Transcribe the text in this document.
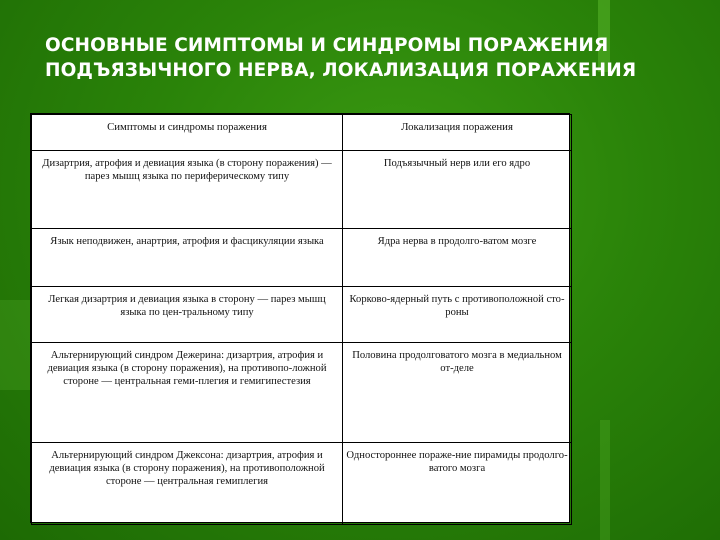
ОСНОВНЫЕ СИМПТОМЫ И СИНДРОМЫ ПОРАЖЕНИЯ
ПОДЪЯЗЫЧНОГО НЕРВА, ЛОКАЛИЗАЦИЯ ПОРАЖЕНИЯ
Симптомы и синдромы поражения	Локализация поражения
Дизартрия, атрофия и девиация языка (в сторону поражения) — парез мышц языка по периферическому типу	Подъязычный нерв или его ядро
Язык неподвижен, анартрия, атрофия и фасцикуляции языка	Ядра нерва в продолго-ватом мозге
Легкая дизартрия и девиация языка в сторону — парез мышц языка по цен-тральному типу	Корково-ядерный путь с противоположной сто-роны
Альтернирующий синдром Дежерина: дизартрия, атрофия и девиация языка (в сторону поражения), на противопо-ложной стороне — центральная геми-плегия и гемигипестезия	Половина продолговатого мозга в медиальном от-деле
Альтернирующий синдром Джексона: дизартрия, атрофия и девиация языка (в сторону поражения), на противоположной стороне — центральная гемиплегия	Одностороннее пораже-ние пирамиды продолго-ватого мозга
